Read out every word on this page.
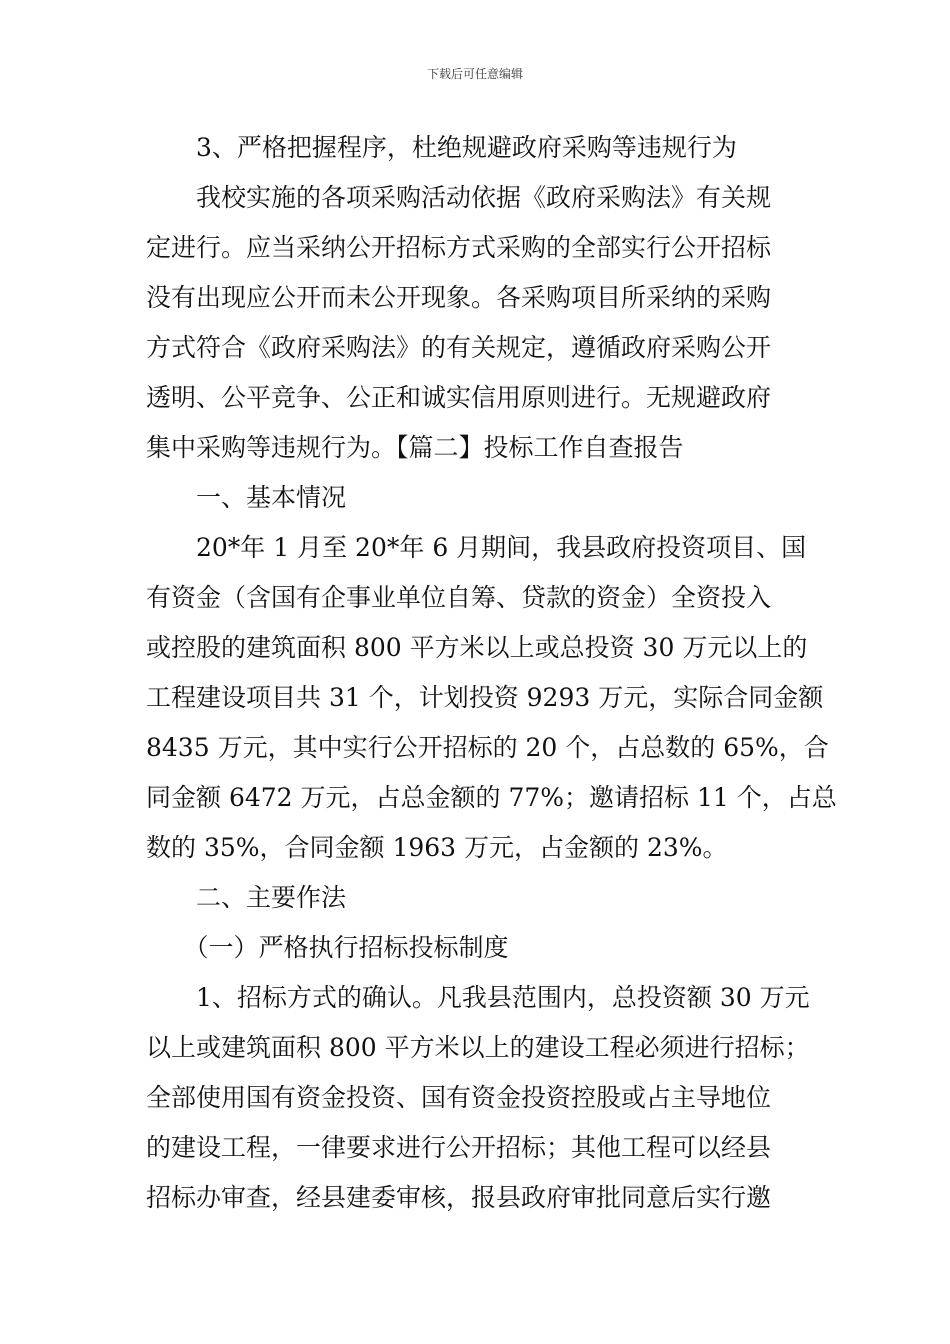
下载后可任意编辑
　　3、严格把握程序，杜绝规避政府采购等违规行为
　　我校实施的各项采购活动依据《政府采购法》有关规
定进行。应当采纳公开招标方式采购的全部实行公开招标
没有出现应公开而未公开现象。各采购项目所采纳的采购
方式符合《政府采购法》的有关规定，遵循政府采购公开
透明、公平竞争、公正和诚实信用原则进行。无规避政府
集中采购等违规行为。【篇二】投标工作自查报告
　　一、基本情况
　　20*年 1 月至 20*年 6 月期间，我县政府投资项目、国
有资金（含国有企事业单位自筹、贷款的资金）全资投入
或控股的建筑面积 800 平方米以上或总投资 30 万元以上的
工程建设项目共 31 个，计划投资 9293 万元，实际合同金额
8435 万元，其中实行公开招标的 20 个，占总数的 65%，合
同金额 6472 万元，占总金额的 77%；邀请招标 11 个，占总
数的 35%，合同金额 1963 万元，占金额的 23%。
　　二、主要作法
　　（一）严格执行招标投标制度
　　1、招标方式的确认。凡我县范围内，总投资额 30 万元
以上或建筑面积 800 平方米以上的建设工程必须进行招标；
全部使用国有资金投资、国有资金投资控股或占主导地位
的建设工程，一律要求进行公开招标；其他工程可以经县
招标办审查，经县建委审核，报县政府审批同意后实行邀
